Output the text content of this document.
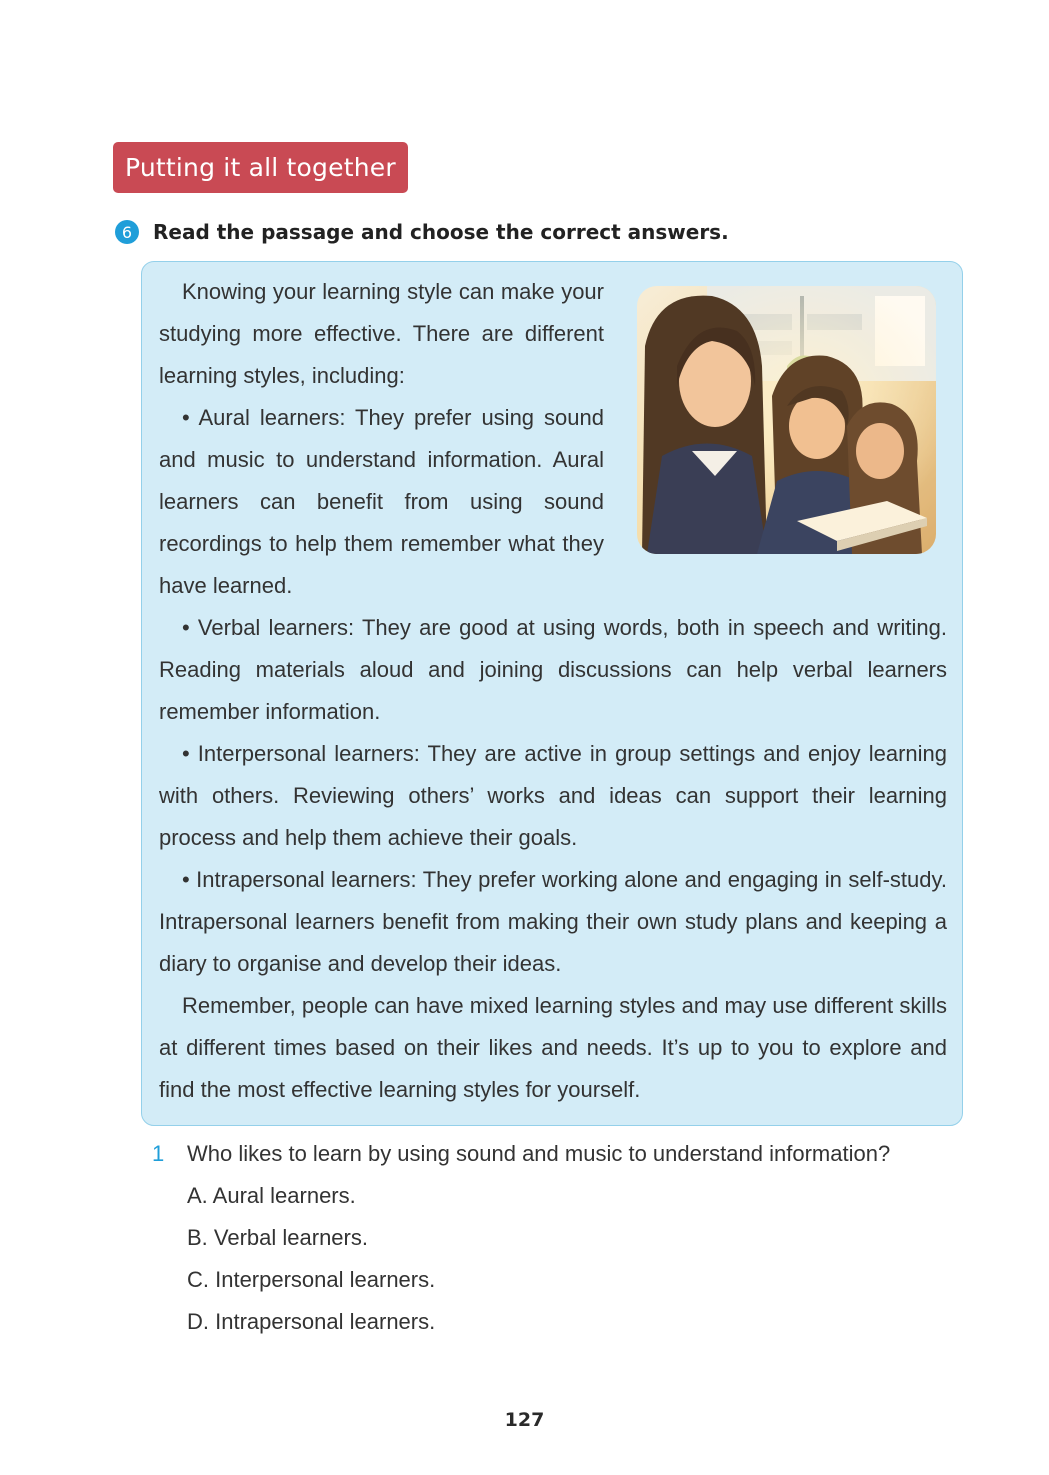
Putting it all together
6	Read the passage and choose the correct answers.

Knowing your learning style can make your studying more effective. There are different learning styles, including:

• Aural learners: They prefer using sound and music to understand information. Aural learners can benefit from using sound recordings to help them remember what they have learned.

• Verbal learners: They are good at using words, both in speech and writing. Reading materials aloud and joining discussions can help verbal learners remember information.

• Interpersonal learners: They are active in group settings and enjoy learning with others. Reviewing others’ works and ideas can support their learning process and help them achieve their goals.

• Intrapersonal learners: They prefer working alone and engaging in self-study. Intrapersonal learners benefit from making their own study plans and keeping a diary to organise and develop their ideas.

Remember, people can have mixed learning styles and may use different skills at different times based on their likes and needs. It’s up to you to explore and find the most effective learning styles for yourself.

1	Who likes to learn by using sound and music to understand information?
A. Aural learners.
B. Verbal learners.
C. Interpersonal learners.
D. Intrapersonal learners.
127
